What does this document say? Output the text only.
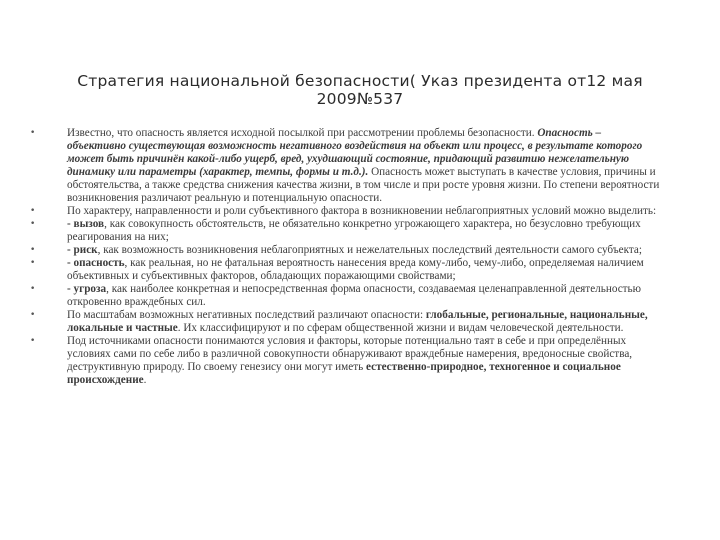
Стратегия национальной безопасности( Указ президента от12 мая 2009№537
•	Известно, что опасность является исходной посылкой при рассмотрении проблемы безопасности. Опасность – объективно существующая возможность негативного воздействия на объект или процесс, в результате которого может быть причинён какой-либо ущерб, вред, ухудшающий состояние, придающий развитию нежелательную динамику или параметры (характер, темпы, формы и т.д.). Опасность может выступать в качестве условия, причины и обстоятельства, а также средства снижения качества жизни, в том числе и при росте уровня жизни. По степени вероятности возникновения различают реальную и потенциальную опасности.
•	По характеру, направленности и роли субъективного фактора в возникновении неблагоприятных условий можно выделить:
•	- вызов, как совокупность обстоятельств, не обязательно конкретно угрожающего характера, но безусловно требующих реагирования на них;
•	- риск, как возможность возникновения неблагоприятных и нежелательных последствий деятельности самого субъекта;
•	- опасность, как реальная, но не фатальная вероятность нанесения вреда кому-либо, чему-либо, определяемая наличием объективных и субъективных факторов, обладающих поражающими свойствами;
•	- угроза, как наиболее конкретная и непосредственная форма опасности, создаваемая целенаправленной деятельностью откровенно враждебных сил.
•	По масштабам возможных негативных последствий различают опасности: глобальные, региональные, национальные, локальные и частные. Их классифицируют и по сферам общественной жизни и видам человеческой деятельности.
•	Под источниками опасности понимаются условия и факторы, которые потенциально таят в себе и при определённых условиях сами по себе либо в различной совокупности обнаруживают враждебные намерения, вредоносные свойства, деструктивную природу. По своему генезису они могут иметь естественно-природное, техногенное и социальное происхождение.
